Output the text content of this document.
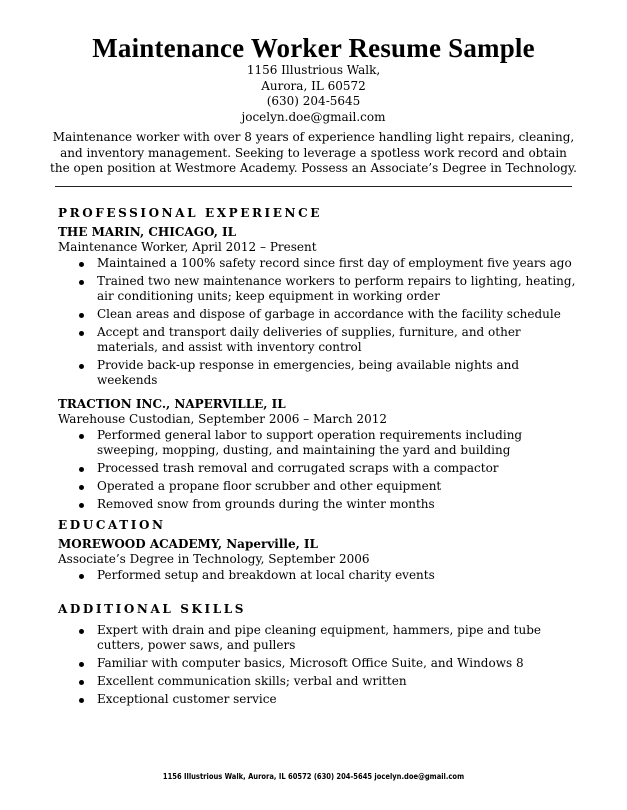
Maintenance Worker Resume Sample
1156 Illustrious Walk,
Aurora, IL 60572
(630) 204-5645
jocelyn.doe@gmail.com
Maintenance worker with over 8 years of experience handling light repairs, cleaning, and inventory management. Seeking to leverage a spotless work record and obtain the open position at Westmore Academy. Possess an Associate’s Degree in Technology.
PROFESSIONAL EXPERIENCE
THE MARIN, CHICAGO, IL
Maintenance Worker, April 2012 – Present
Maintained a 100% safety record since first day of employment five years ago
Trained two new maintenance workers to perform repairs to lighting, heating, air conditioning units; keep equipment in working order
Clean areas and dispose of garbage in accordance with the facility schedule
Accept and transport daily deliveries of supplies, furniture, and other materials, and assist with inventory control
Provide back-up response in emergencies, being available nights and weekends
TRACTION INC., NAPERVILLE, IL
Warehouse Custodian, September 2006 – March 2012
Performed general labor to support operation requirements including sweeping, mopping, dusting, and maintaining the yard and building
Processed trash removal and corrugated scraps with a compactor
Operated a propane floor scrubber and other equipment
Removed snow from grounds during the winter months
EDUCATION
MOREWOOD ACADEMY, Naperville, IL
Associate’s Degree in Technology, September 2006
Performed setup and breakdown at local charity events
ADDITIONAL SKILLS
Expert with drain and pipe cleaning equipment, hammers, pipe and tube cutters, power saws, and pullers
Familiar with computer basics, Microsoft Office Suite, and Windows 8
Excellent communication skills; verbal and written
Exceptional customer service
1156 Illustrious Walk, Aurora, IL 60572 (630) 204-5645 jocelyn.doe@gmail.com
